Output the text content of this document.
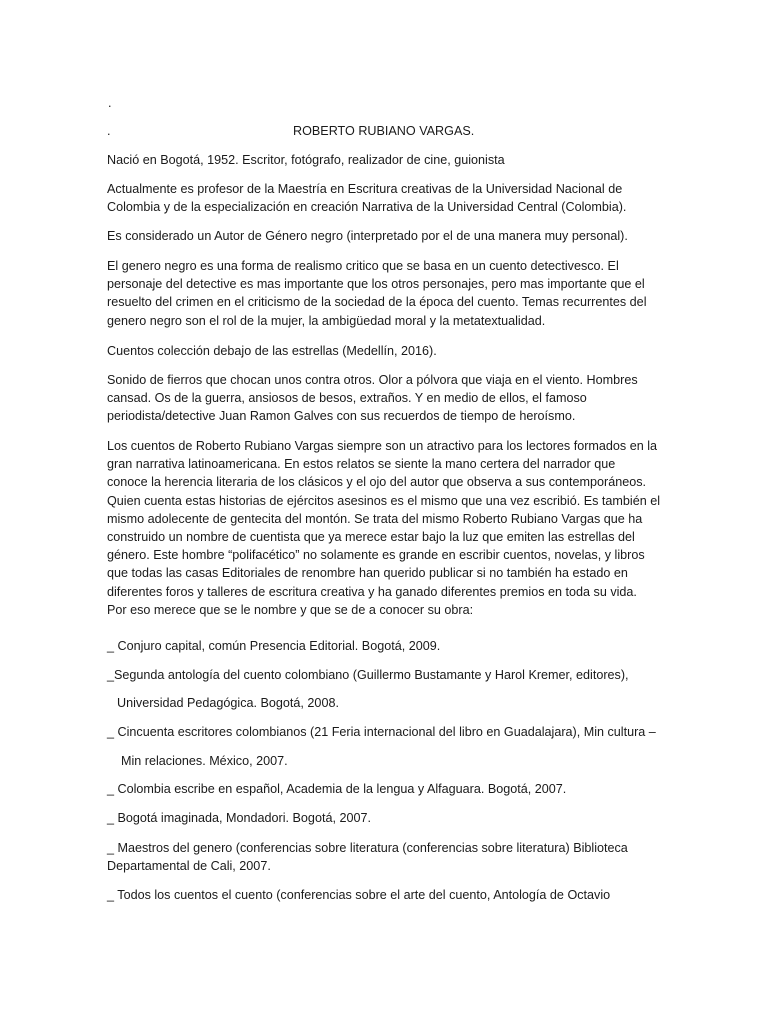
.
.	ROBERTO RUBIANO VARGAS.
Nació en Bogotá, 1952. Escritor, fotógrafo, realizador de cine, guionista
Actualmente es profesor de la Maestría en Escritura creativas de la Universidad Nacional de
Colombia y de la especialización en creación Narrativa de la Universidad Central (Colombia).
Es considerado un Autor de Género negro (interpretado por el de una manera muy personal).
El genero negro es una forma de realismo critico que se basa en un cuento detectivesco. El
personaje del detective es mas importante que los otros personajes, pero mas importante que el
resuelto del crimen en el criticismo de la sociedad de la época del cuento. Temas recurrentes del
genero negro son el rol de la mujer, la ambigüedad moral y la metatextualidad.
Cuentos colección debajo de las estrellas (Medellín, 2016).
Sonido de fierros que chocan unos contra otros. Olor a pólvora que viaja en el viento. Hombres
cansad. Os de la guerra, ansiosos de besos, extraños. Y en medio de ellos, el famoso
periodista/detective Juan Ramon Galves con sus recuerdos de tiempo de heroísmo.
Los cuentos de Roberto Rubiano Vargas siempre son un atractivo para los lectores formados en la
gran narrativa latinoamericana. En estos relatos se siente la mano certera del narrador que
conoce la herencia literaria de los clásicos y el ojo del autor que observa a sus contemporáneos.
Quien cuenta estas historias de ejércitos asesinos es el mismo que una vez escribió. Es también el
mismo adolecente de gentecita del montón. Se trata del mismo Roberto Rubiano Vargas que ha
construido un nombre de cuentista que ya merece estar bajo la luz que emiten las estrellas del
género. Este hombre “polifacético” no solamente es grande en escribir cuentos, novelas, y libros
que todas las casas Editoriales de renombre han querido publicar si no también ha estado en
diferentes foros y talleres de escritura creativa y ha ganado diferentes premios en toda su vida.
Por eso merece que se le nombre y que se de a conocer su obra:
_ Conjuro capital, común Presencia Editorial. Bogotá, 2009.
_Segunda antología del cuento colombiano (Guillermo Bustamante y Harol Kremer, editores),
Universidad Pedagógica. Bogotá, 2008.
_ Cincuenta escritores colombianos (21 Feria internacional del libro en Guadalajara), Min cultura –
Min relaciones. México, 2007.
_ Colombia escribe en español, Academia de la lengua y Alfaguara. Bogotá, 2007.
_ Bogotá imaginada, Mondadori. Bogotá, 2007.
_ Maestros del genero (conferencias sobre literatura (conferencias sobre literatura) Biblioteca
Departamental de Cali, 2007.
_ Todos los cuentos el cuento (conferencias sobre el arte del cuento, Antología de Octavio
